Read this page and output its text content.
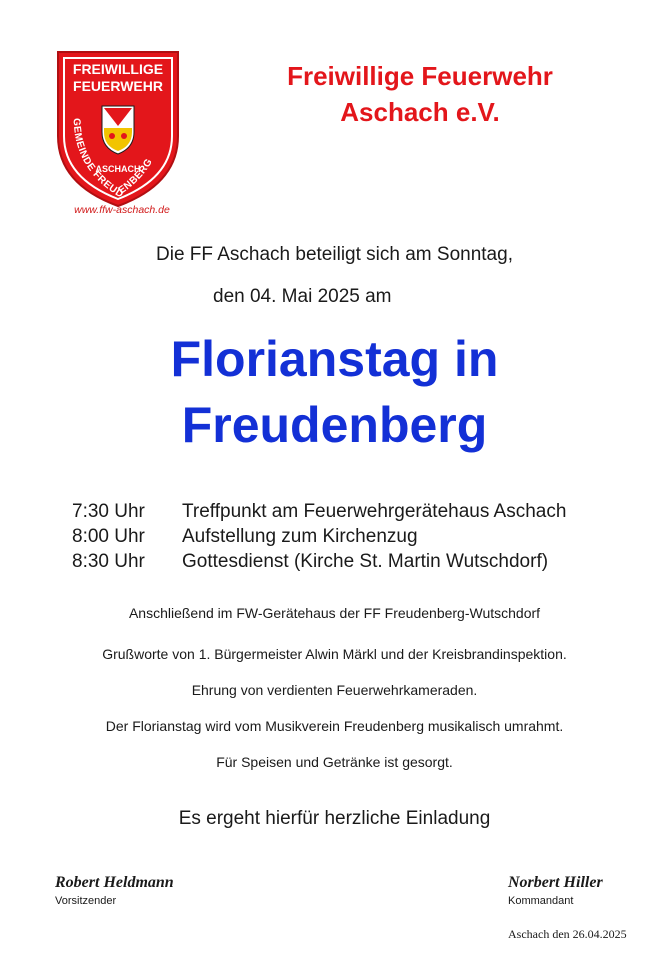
FREIWILLIGE
FEUERWEHR
GEMEINDE FREUDENBERG
ASCHACH
www.ffw-aschach.de
Freiwillige Feuerwehr
Aschach e.V.
Die FF Aschach beteiligt sich am Sonntag,
den 04. Mai 2025 am
Florianstag in
Freudenberg
7:30 Uhr	Treffpunkt am Feuerwehrgerätehaus Aschach
8:00 Uhr	Aufstellung zum Kirchenzug
8:30 Uhr	Gottesdienst (Kirche St. Martin Wutschdorf)
Anschließend im FW-Gerätehaus der FF Freudenberg-Wutschdorf
Grußworte von 1. Bürgermeister Alwin Märkl und der Kreisbrandinspektion.
Ehrung von verdienten Feuerwehrkameraden.
Der Florianstag wird vom Musikverein Freudenberg musikalisch umrahmt.
Für Speisen und Getränke ist gesorgt.
Es ergeht hierfür herzliche Einladung
Robert Heldmann
Vorsitzender
Norbert Hiller
Kommandant
Aschach den 26.04.2025
